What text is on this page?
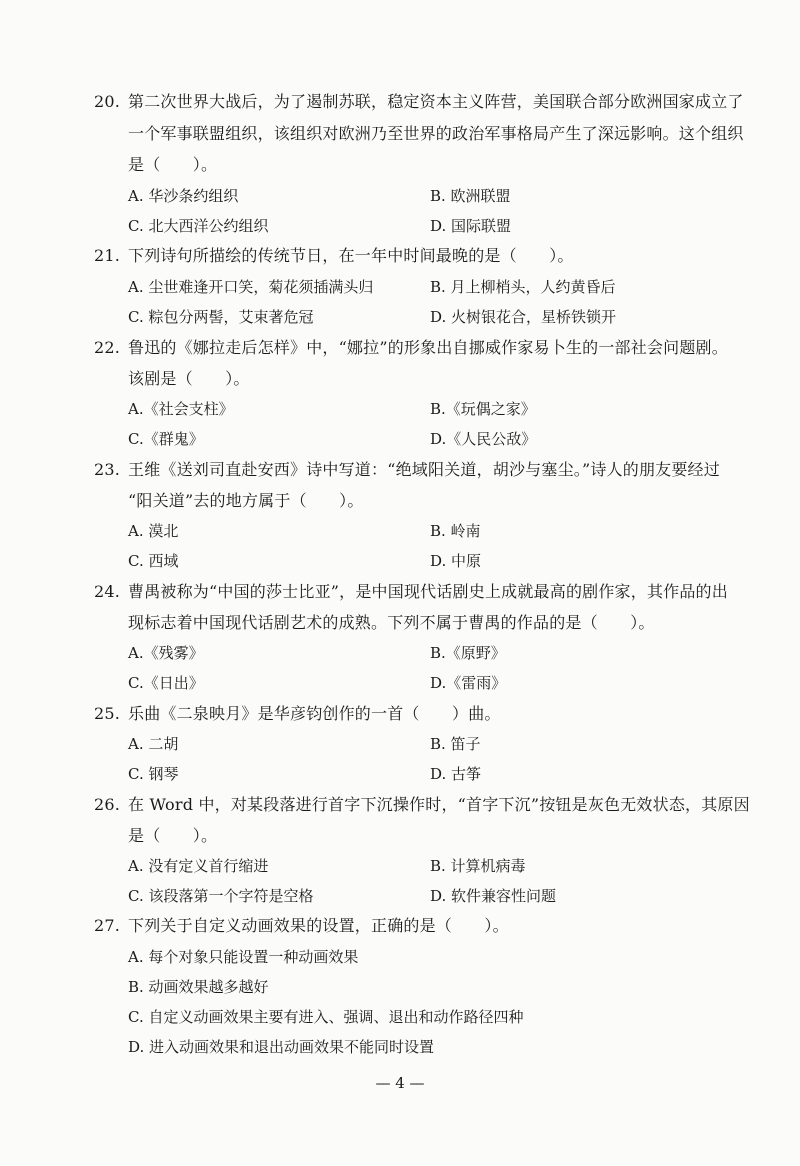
20. 第二次世界大战后，为了遏制苏联，稳定资本主义阵营，美国联合部分欧洲国家成立了
一个军事联盟组织，该组织对欧洲乃至世界的政治军事格局产生了深远影响。这个组织
是（　　）。
A. 华沙条约组织	B. 欧洲联盟
C. 北大西洋公约组织	D. 国际联盟
21. 下列诗句所描绘的传统节日，在一年中时间最晚的是（　　）。
A. 尘世难逢开口笑，菊花须插满头归	B. 月上柳梢头，人约黄昏后
C. 粽包分两髻，艾束著危冠	D. 火树银花合，星桥铁锁开
22. 鲁迅的《娜拉走后怎样》中，“娜拉”的形象出自挪威作家易卜生的一部社会问题剧。
该剧是（　　）。
A.《社会支柱》	B.《玩偶之家》
C.《群鬼》	D.《人民公敌》
23. 王维《送刘司直赴安西》诗中写道：“绝域阳关道，胡沙与塞尘。”诗人的朋友要经过
“阳关道”去的地方属于（　　）。
A. 漠北	B. 岭南
C. 西域	D. 中原
24. 曹禺被称为“中国的莎士比亚”，是中国现代话剧史上成就最高的剧作家，其作品的出
现标志着中国现代话剧艺术的成熟。下列不属于曹禺的作品的是（　　）。
A.《残雾》	B.《原野》
C.《日出》	D.《雷雨》
25. 乐曲《二泉映月》是华彦钧创作的一首（　　）曲。
A. 二胡	B. 笛子
C. 钢琴	D. 古筝
26. 在 Word 中，对某段落进行首字下沉操作时，“首字下沉”按钮是灰色无效状态，其原因
是（　　）。
A. 没有定义首行缩进	B. 计算机病毒
C. 该段落第一个字符是空格	D. 软件兼容性问题
27. 下列关于自定义动画效果的设置，正确的是（　　）。
A. 每个对象只能设置一种动画效果
B. 动画效果越多越好
C. 自定义动画效果主要有进入、强调、退出和动作路径四种
D. 进入动画效果和退出动画效果不能同时设置
— 4 —
